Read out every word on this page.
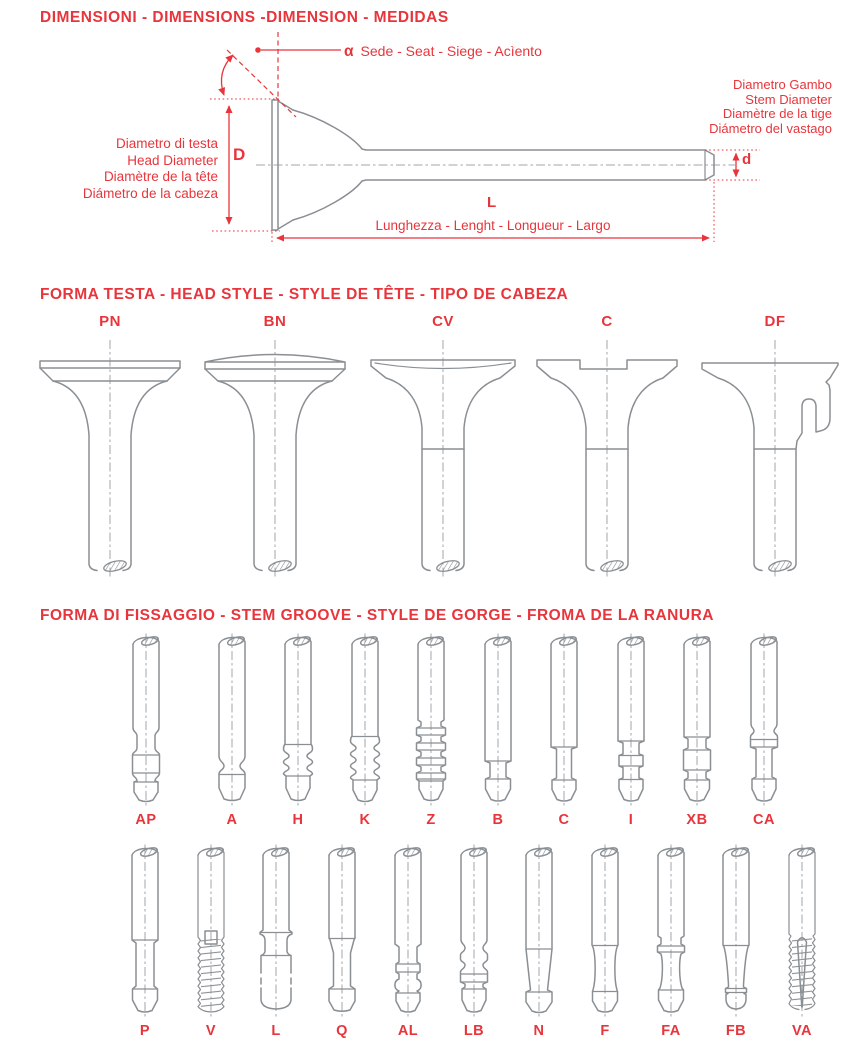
DIMENSIONI - DIMENSIONS -DIMENSION - MEDIDAS
α Sede - Seat - Siege - Acìento
Diametro di testa
Head Diameter
Diamètre de la tête
Diámetro de la cabeza
D
Diametro Gambo
Stem Diameter
Diamètre de la tige
Diámetro del vastago
d
L
Lunghezza - Lenght - Longueur - Largo
FORMA TESTA - HEAD STYLE - STYLE DE TÊTE - TIPO DE CABEZA
PN	BN	CV	C	DF
FORMA DI FISSAGGIO - STEM GROOVE - STYLE DE GORGE - FROMA DE LA RANURA
AP	A	H	K	Z	B	C	I	XB	CA
P	V	L	Q	AL	LB	N	F	FA	FB	VA
